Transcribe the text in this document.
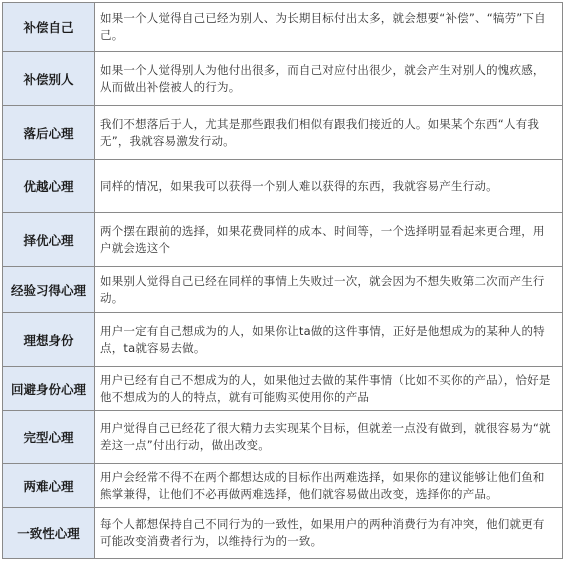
补偿自己	如果一个人觉得自己已经为别人、为长期目标付出太多，就会想要“补偿”、“犒劳”下自己。
补偿别人	如果一个人觉得别人为他付出很多，而自己对应付出很少，就会产生对别人的愧疚感，从而做出补偿被人的行为。
落后心理	我们不想落后于人，尤其是那些跟我们相似有跟我们接近的人。如果某个东西“人有我无”，我就容易激发行动。
优越心理	同样的情况，如果我可以获得一个别人难以获得的东西，我就容易产生行动。
择优心理	两个摆在跟前的选择，如果花费同样的成本、时间等，一个选择明显看起来更合理，用户就会选这个
经验习得心理	如果别人觉得自己已经在同样的事情上失败过一次，就会因为不想失败第二次而产生行动。
理想身份	用户一定有自己想成为的人，如果你让ta做的这件事情，正好是他想成为的某种人的特点，ta就容易去做。
回避身份心理	用户已经有自己不想成为的人，如果他过去做的某件事情（比如不买你的产品），恰好是他不想成为的人的特点，就有可能购买使用你的产品
完型心理	用户觉得自己已经花了很大精力去实现某个目标，但就差一点没有做到，就很容易为“就差这一点”付出行动，做出改变。
两难心理	用户会经常不得不在两个都想达成的目标作出两难选择，如果你的建议能够让他们鱼和熊掌兼得，让他们不必再做两难选择，他们就容易做出改变，选择你的产品。
一致性心理	每个人都想保持自己不同行为的一致性，如果用户的两种消费行为有冲突，他们就更有可能改变消费者行为，以维持行为的一致。
